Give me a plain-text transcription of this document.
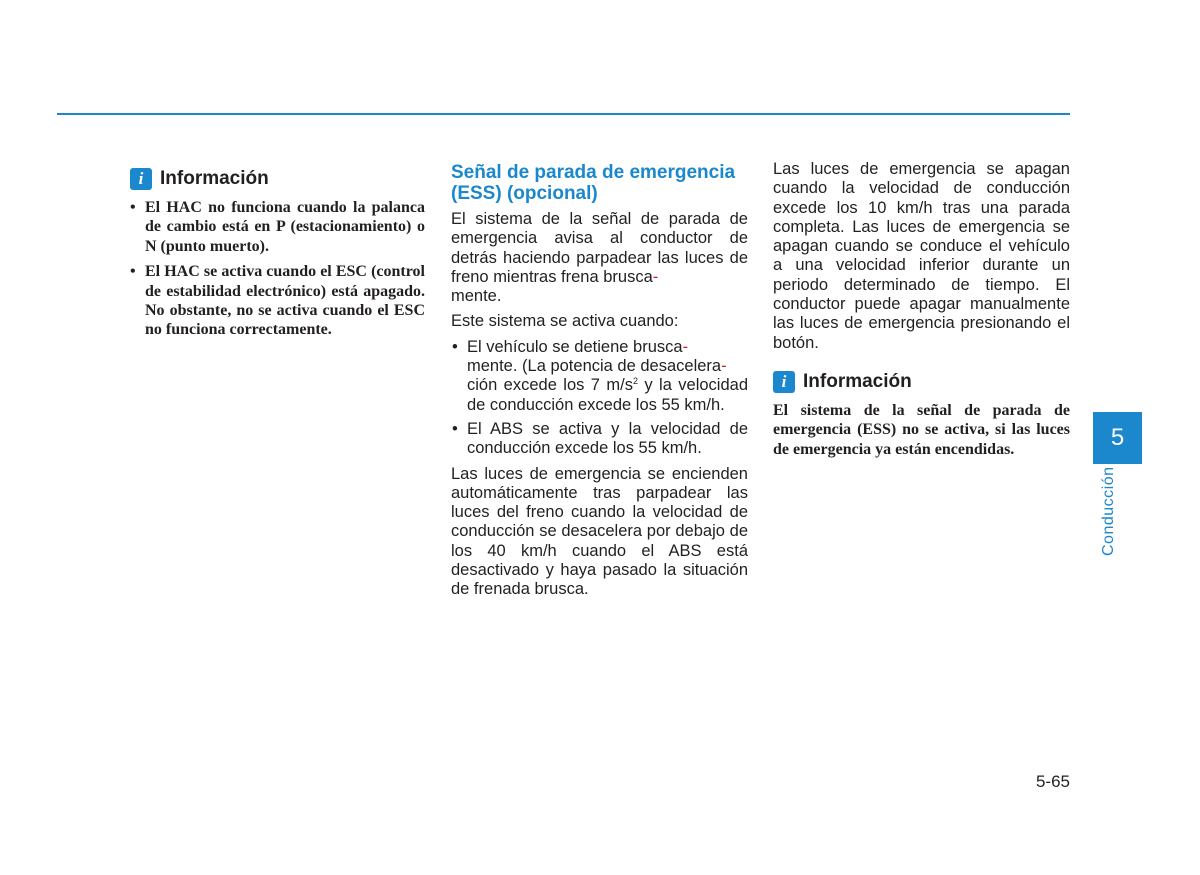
i Información
• El HAC no funciona cuando la palanca de cambio está en P (estacionamiento) o N (punto muerto).
• El HAC se activa cuando el ESC (control de estabilidad electrónico) está apagado. No obstante, no se activa cuando el ESC no funciona correctamente.
Señal de parada de emergencia (ESS) (opcional)

El sistema de la señal de parada de emergencia avisa al conductor de detrás haciendo parpadear las luces de freno mientras frena brusca-
mente.

Este sistema se activa cuando:

• El vehículo se detiene brusca-
mente. (La potencia de desacelera-
ción excede los 7 $m/s^2$ y la velocidad de conducción excede los 55 km/h.
• El ABS se activa y la velocidad de conducción excede los 55 km/h.

Las luces de emergencia se encienden automáticamente tras parpadear las luces del freno cuando la velocidad de conducción se desacelera por debajo de los 40 km/h cuando el ABS está desactivado y haya pasado la situación de frenada brusca.

Las luces de emergencia se apagan cuando la velocidad de conducción excede los 10 km/h tras una parada completa. Las luces de emergencia se apagan cuando se conduce el vehículo a una velocidad inferior durante un periodo determinado de tiempo. El conductor puede apagar manualmente las luces de emergencia presionando el botón.

i Información

El sistema de la señal de parada de emergencia (ESS) no se activa, si las luces de emergencia ya están encendidas.	5
Conducción
5-65
